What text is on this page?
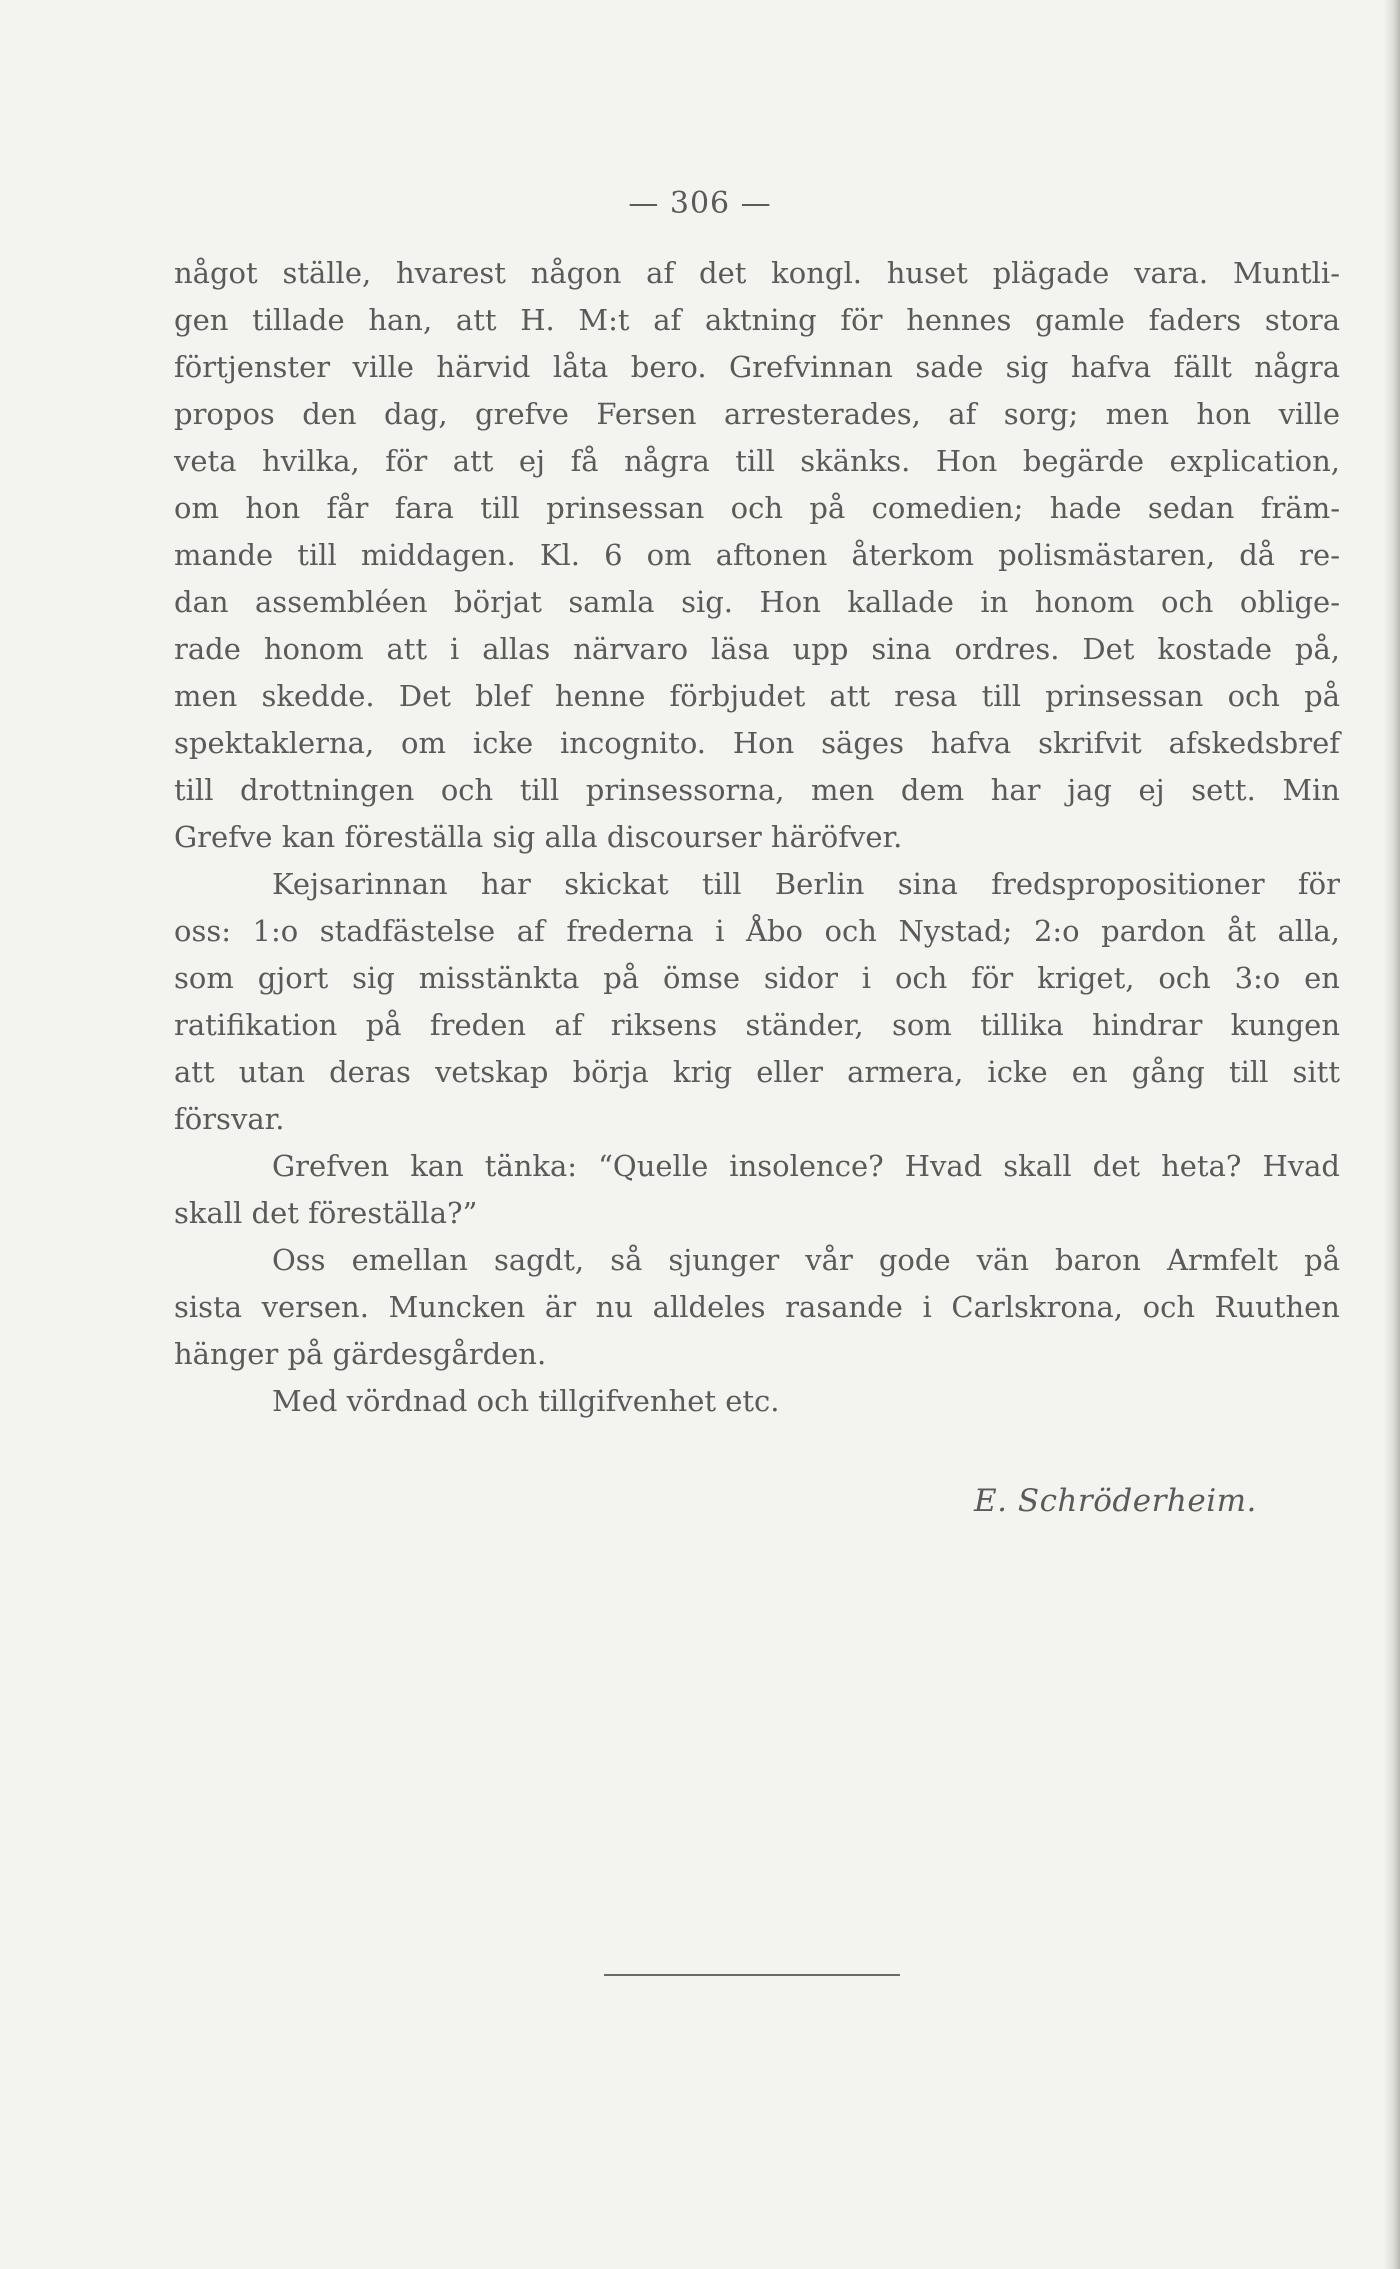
— 306 —
något ställe, hvarest någon af det kongl. huset plägade vara. Muntli-
gen tillade han, att H. M:t af aktning för hennes gamle faders stora
förtjenster ville härvid låta bero. Grefvinnan sade sig hafva fällt några
propos den dag, grefve Fersen arresterades, af sorg; men hon ville
veta hvilka, för att ej få några till skänks. Hon begärde explication,
om hon får fara till prinsessan och på comedien; hade sedan främ-
mande till middagen. Kl. 6 om aftonen återkom polismästaren, då re-
dan assembléen börjat samla sig. Hon kallade in honom och oblige-
rade honom att i allas närvaro läsa upp sina ordres. Det kostade på,
men skedde. Det blef henne förbjudet att resa till prinsessan och på
spektaklerna, om icke incognito. Hon säges hafva skrifvit afskedsbref
till drottningen och till prinsessorna, men dem har jag ej sett. Min
Grefve kan föreställa sig alla discourser häröfver.
Kejsarinnan har skickat till Berlin sina fredspropositioner för
oss: 1:o stadfästelse af frederna i Åbo och Nystad; 2:o pardon åt alla,
som gjort sig misstänkta på ömse sidor i och för kriget, och 3:o en
ratifikation på freden af riksens ständer, som tillika hindrar kungen
att utan deras vetskap börja krig eller armera, icke en gång till sitt
försvar.
Grefven kan tänka: “Quelle insolence? Hvad skall det heta? Hvad
skall det föreställa?”
Oss emellan sagdt, så sjunger vår gode vän baron Armfelt på
sista versen. Muncken är nu alldeles rasande i Carlskrona, och Ruuthen
hänger på gärdesgården.
Med vördnad och tillgifvenhet etc.
E. Schröderheim.
